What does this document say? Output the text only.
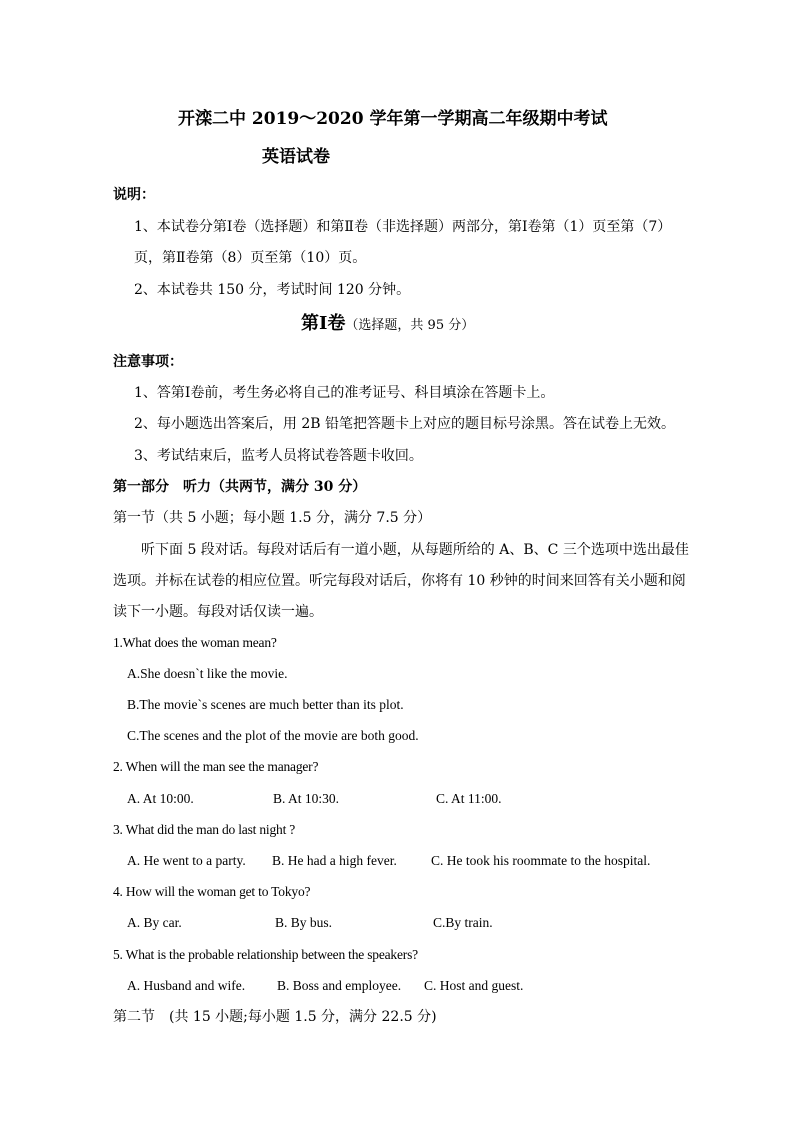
开滦二中 2019～2020 学年第一学期高二年级期中考试
英语试卷
说明：
1、本试卷分第Ⅰ卷（选择题）和第Ⅱ卷（非选择题）两部分，第Ⅰ卷第（1）页至第（7）
页，第Ⅱ卷第（8）页至第（10）页。
2、本试卷共 150 分，考试时间 120 分钟。
第Ⅰ卷（选择题，共 95 分）
注意事项：
1、答第Ⅰ卷前，考生务必将自己的准考证号、科目填涂在答题卡上。
2、每小题选出答案后，用 2B 铅笔把答题卡上对应的题目标号涂黑。答在试卷上无效。
3、考试结束后，监考人员将试卷答题卡收回。
第一部分　听力（共两节，满分 30 分）
第一节（共 5 小题；每小题 1.5 分，满分 7.5 分）
听下面 5 段对话。每段对话后有一道小题，从每题所给的 A、B、C 三个选项中选出最佳
选项。并标在试卷的相应位置。听完每段对话后，你将有 10 秒钟的时间来回答有关小题和阅
读下一小题。每段对话仅读一遍。
1.What does the woman mean?
A.She doesn`t like the movie.
B.The movie`s scenes are much better than its plot.
C.The scenes and the plot of the movie are both good.
2. When will the man see the manager?
A. At 10:00.	B. At 10:30.	C. At 11:00.
3. What did the man do last night ?
A. He went to a party. B. He had a high fever.	C. He took his roommate to the hospital.
4. How will the woman get to Tokyo?
A. By car.	B. By bus.	C.By train.
5. What is the probable relationship between the speakers?
A. Husband and wife. B. Boss and employee. C. Host and guest.
第二节　(共 15 小题;每小题 1.5 分，满分 22.5 分)
